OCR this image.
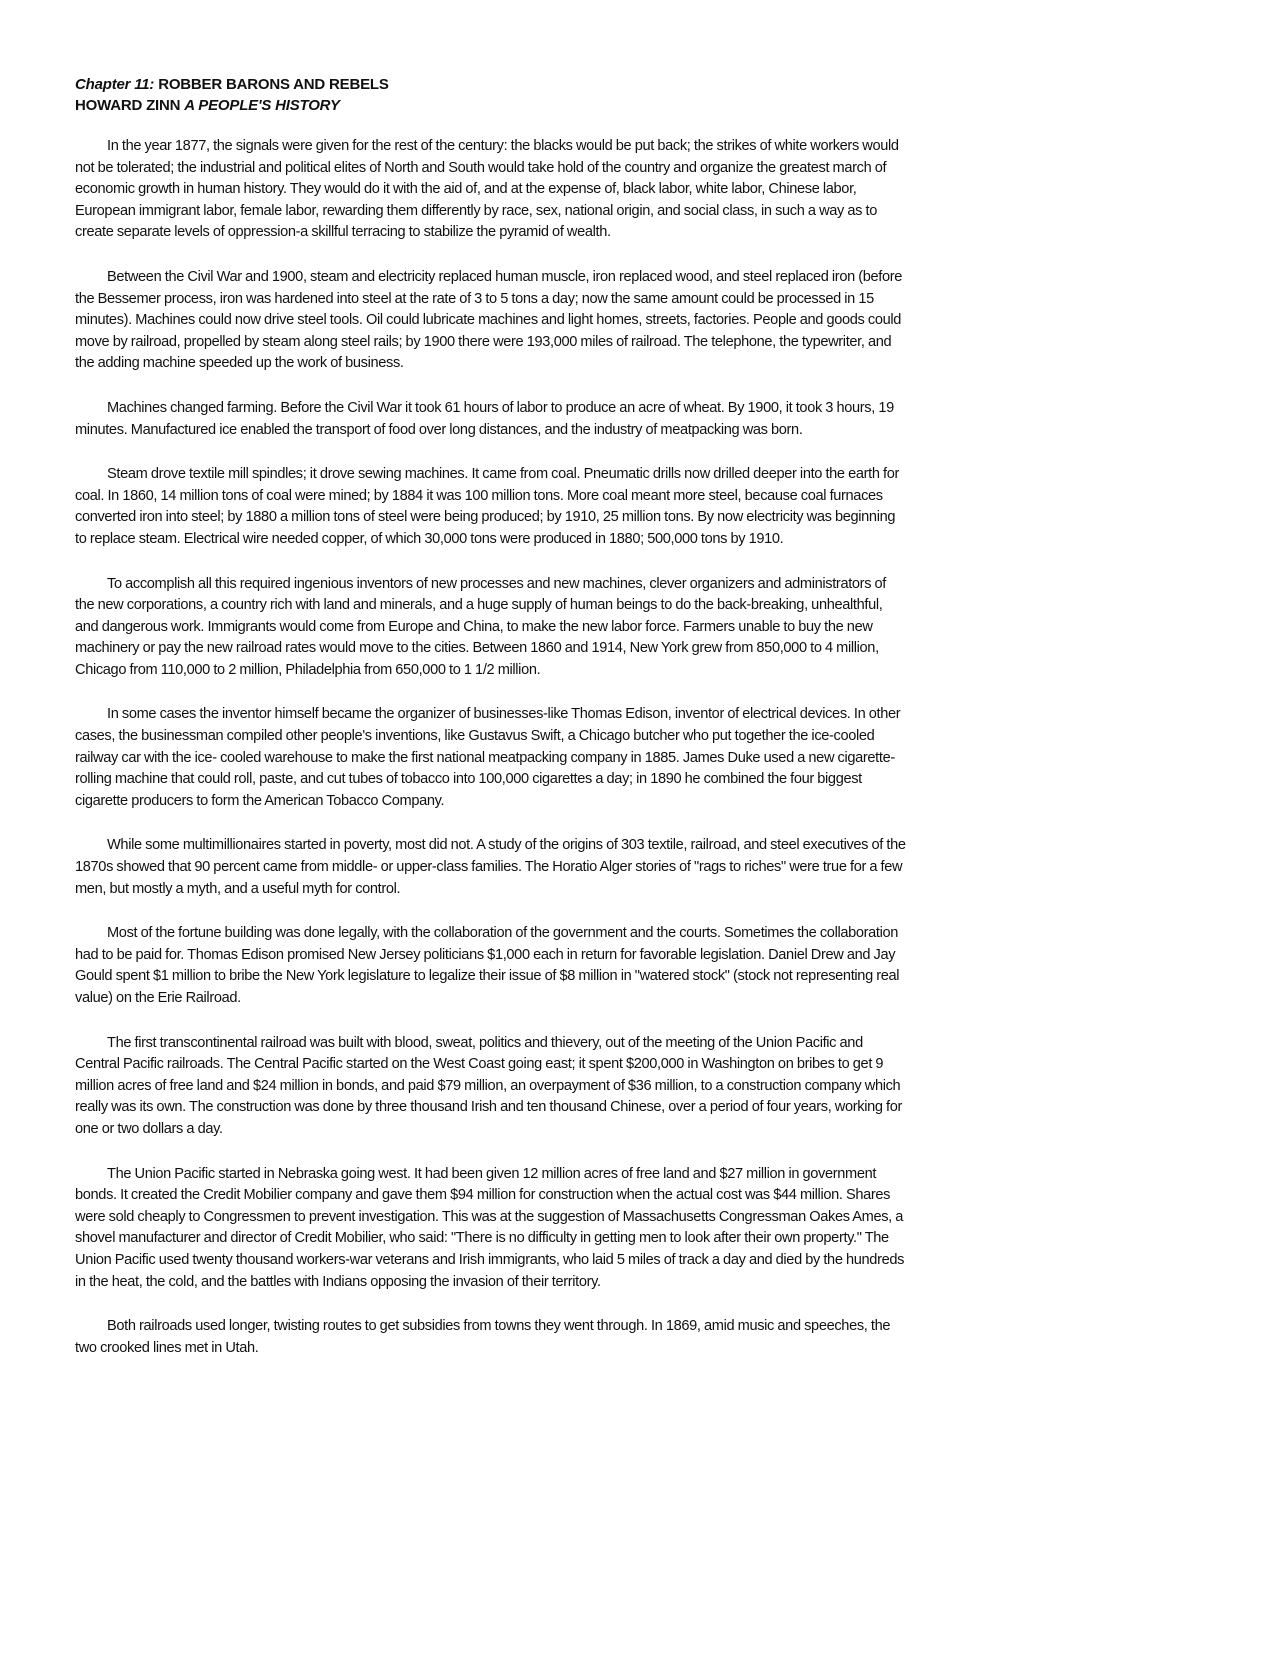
Chapter 11: ROBBER BARONS AND REBELS
HOWARD ZINN A PEOPLE'S HISTORY

In the year 1877, the signals were given for the rest of the century: the blacks would be put back; the strikes of white workers would not be tolerated; the industrial and political elites of North and South would take hold of the country and organize the greatest march of economic growth in human history. They would do it with the aid of, and at the expense of, black labor, white labor, Chinese labor, European immigrant labor, female labor, rewarding them differently by race, sex, national origin, and social class, in such a way as to create separate levels of oppression-a skillful terracing to stabilize the pyramid of wealth.

Between the Civil War and 1900, steam and electricity replaced human muscle, iron replaced wood, and steel replaced iron (before the Bessemer process, iron was hardened into steel at the rate of 3 to 5 tons a day; now the same amount could be processed in 15 minutes). Machines could now drive steel tools. Oil could lubricate machines and light homes, streets, factories. People and goods could move by railroad, propelled by steam along steel rails; by 1900 there were 193,000 miles of railroad. The telephone, the typewriter, and the adding machine speeded up the work of business.

Machines changed farming. Before the Civil War it took 61 hours of labor to produce an acre of wheat. By 1900, it took 3 hours, 19 minutes. Manufactured ice enabled the transport of food over long distances, and the industry of meatpacking was born.

Steam drove textile mill spindles; it drove sewing machines. It came from coal. Pneumatic drills now drilled deeper into the earth for coal. In 1860, 14 million tons of coal were mined; by 1884 it was 100 million tons. More coal meant more steel, because coal furnaces converted iron into steel; by 1880 a million tons of steel were being produced; by 1910, 25 million tons. By now electricity was beginning to replace steam. Electrical wire needed copper, of which 30,000 tons were produced in 1880; 500,000 tons by 1910.

To accomplish all this required ingenious inventors of new processes and new machines, clever organizers and administrators of the new corporations, a country rich with land and minerals, and a huge supply of human beings to do the back-breaking, unhealthful, and dangerous work. Immigrants would come from Europe and China, to make the new labor force. Farmers unable to buy the new machinery or pay the new railroad rates would move to the cities. Between 1860 and 1914, New York grew from 850,000 to 4 million, Chicago from 110,000 to 2 million, Philadelphia from 650,000 to 1 1/2 million.

In some cases the inventor himself became the organizer of businesses-like Thomas Edison, inventor of electrical devices. In other cases, the businessman compiled other people's inventions, like Gustavus Swift, a Chicago butcher who put together the ice-cooled railway car with the ice- cooled warehouse to make the first national meatpacking company in 1885. James Duke used a new cigarette-rolling machine that could roll, paste, and cut tubes of tobacco into 100,000 cigarettes a day; in 1890 he combined the four biggest cigarette producers to form the American Tobacco Company.

While some multimillionaires started in poverty, most did not. A study of the origins of 303 textile, railroad, and steel executives of the 1870s showed that 90 percent came from middle- or upper-class families. The Horatio Alger stories of "rags to riches" were true for a few men, but mostly a myth, and a useful myth for control.

Most of the fortune building was done legally, with the collaboration of the government and the courts. Sometimes the collaboration had to be paid for. Thomas Edison promised New Jersey politicians $1,000 each in return for favorable legislation. Daniel Drew and Jay Gould spent $1 million to bribe the New York legislature to legalize their issue of $8 million in "watered stock" (stock not representing real value) on the Erie Railroad.

The first transcontinental railroad was built with blood, sweat, politics and thievery, out of the meeting of the Union Pacific and Central Pacific railroads. The Central Pacific started on the West Coast going east; it spent $200,000 in Washington on bribes to get 9 million acres of free land and $24 million in bonds, and paid $79 million, an overpayment of $36 million, to a construction company which really was its own. The construction was done by three thousand Irish and ten thousand Chinese, over a period of four years, working for one or two dollars a day.

The Union Pacific started in Nebraska going west. It had been given 12 million acres of free land and $27 million in government bonds. It created the Credit Mobilier company and gave them $94 million for construction when the actual cost was $44 million. Shares were sold cheaply to Congressmen to prevent investigation. This was at the suggestion of Massachusetts Congressman Oakes Ames, a shovel manufacturer and director of Credit Mobilier, who said: "There is no difficulty in getting men to look after their own property." The Union Pacific used twenty thousand workers-war veterans and Irish immigrants, who laid 5 miles of track a day and died by the hundreds in the heat, the cold, and the battles with Indians opposing the invasion of their territory.

Both railroads used longer, twisting routes to get subsidies from towns they went through. In 1869, amid music and speeches, the two crooked lines met in Utah.
